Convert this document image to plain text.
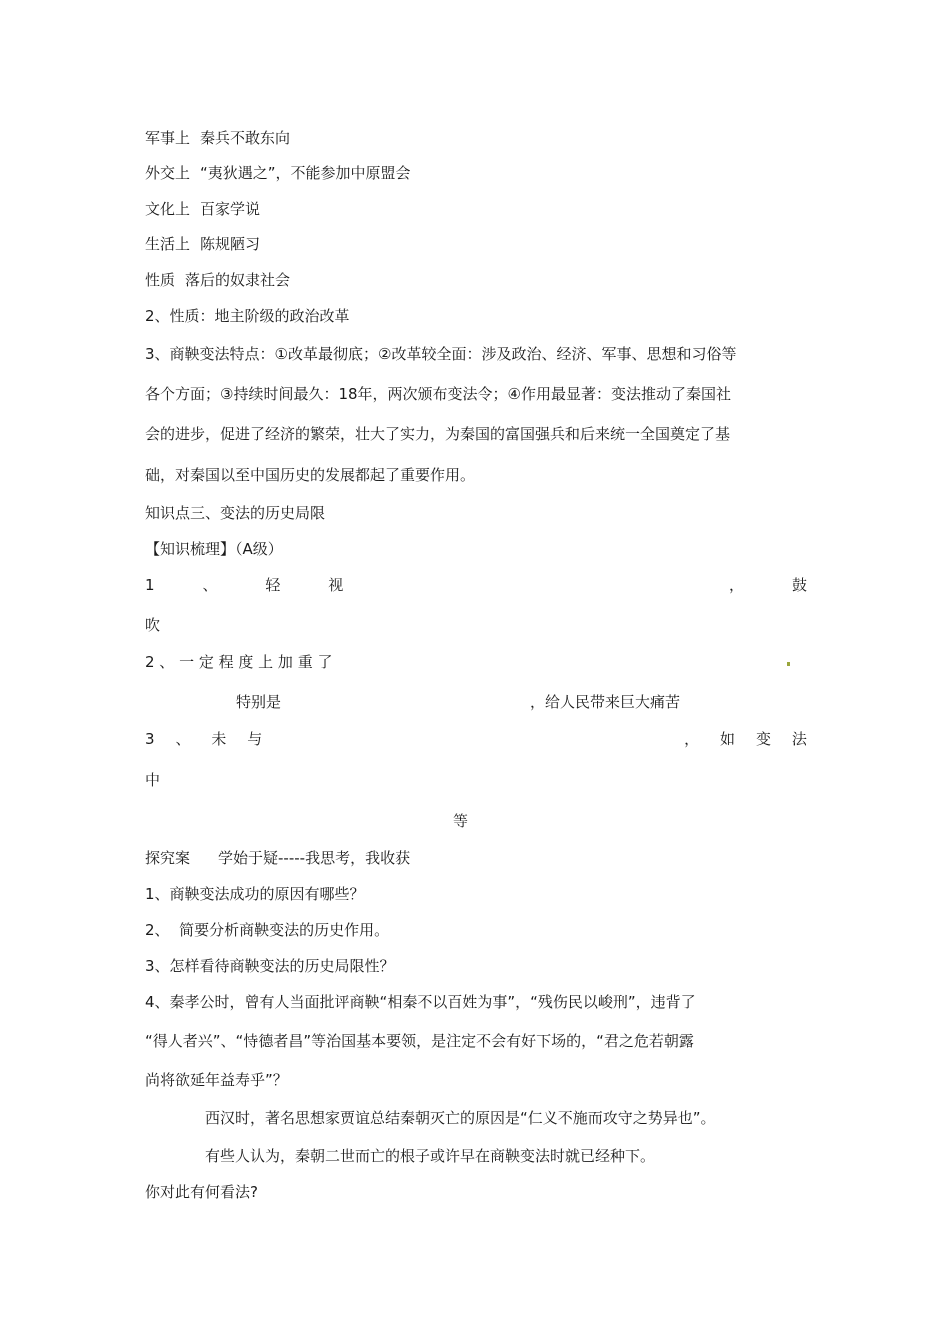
军事上 秦兵不敢东向
外交上 “夷狄遇之”，不能参加中原盟会
文化上 百家学说
生活上 陈规陋习
性质 落后的奴隶社会
2、性质：地主阶级的政治改革
3、商鞅变法特点：①改革最彻底；②改革较全面：涉及政治、经济、军事、思想和习俗等
各个方面；③持续时间最久：18年，两次颁布变法令；④作用最显著：变法推动了秦国社
会的进步，促进了经济的繁荣，壮大了实力，为秦国的富国强兵和后来统一全国奠定了基
础，对秦国以至中国历史的发展都起了重要作用。
知识点三、变法的历史局限
【知识梳理】（A级）
1	、	轻	视	，	鼓
吹
2 、 一 定 程 度 上 加 重 了
特别是	，给人民带来巨大痛苦
3 、 未 与	， 如 变 法
中
等
探究案 学始于疑-----我思考，我收获
1、商鞅变法成功的原因有哪些？
2、  简要分析商鞅变法的历史作用。
3、怎样看待商鞅变法的历史局限性？
4、秦孝公时，曾有人当面批评商鞅“相秦不以百姓为事”，“残伤民以峻刑”，违背了
“得人者兴”、“恃德者昌”等治国基本要领，是注定不会有好下场的，“君之危若朝露
尚将欲延年益寿乎”？
西汉时，著名思想家贾谊总结秦朝灭亡的原因是“仁义不施而攻守之势异也”。
有些人认为，秦朝二世而亡的根子或许早在商鞅变法时就已经种下。
你对此有何看法?
